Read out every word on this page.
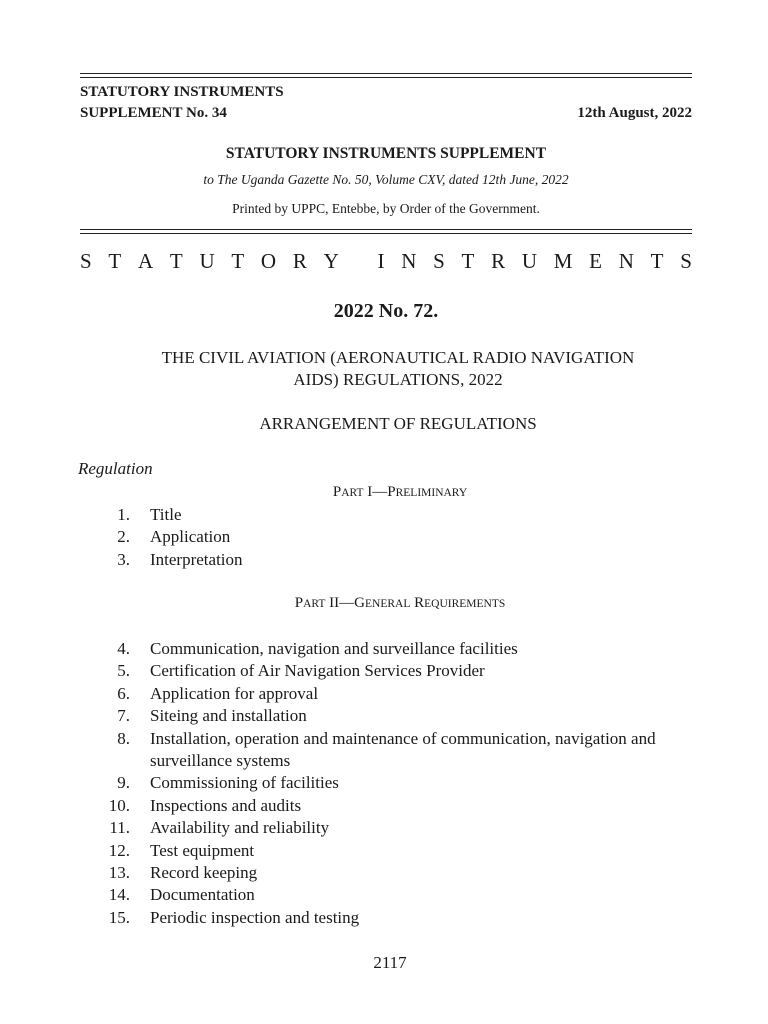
STATUTORY INSTRUMENTS
SUPPLEMENT No. 34	12th August, 2022
STATUTORY INSTRUMENTS SUPPLEMENT
to The Uganda Gazette No. 50, Volume CXV, dated 12th June, 2022
Printed by UPPC, Entebbe, by Order of the Government.
S T A T U T O R Y
I N S T R U M E N T S
2022 No. 72.
THE CIVIL AVIATION (AERONAUTICAL RADIO NAVIGATION
AIDS) REGULATIONS, 2022
ARRANGEMENT OF REGULATIONS
Regulation
PART I—PRELIMINARY
1. Title
2. Application
3. Interpretation
PART II—GENERAL REQUIREMENTS
4. Communication, navigation and surveillance facilities
5. Certification of Air Navigation Services Provider
6. Application for approval
7. Siteing and installation
8. Installation, operation and maintenance of communication, navigation and surveillance systems
9. Commissioning of facilities
10. Inspections and audits
11. Availability and reliability
12. Test equipment
13. Record keeping
14. Documentation
15. Periodic inspection and testing
2117
